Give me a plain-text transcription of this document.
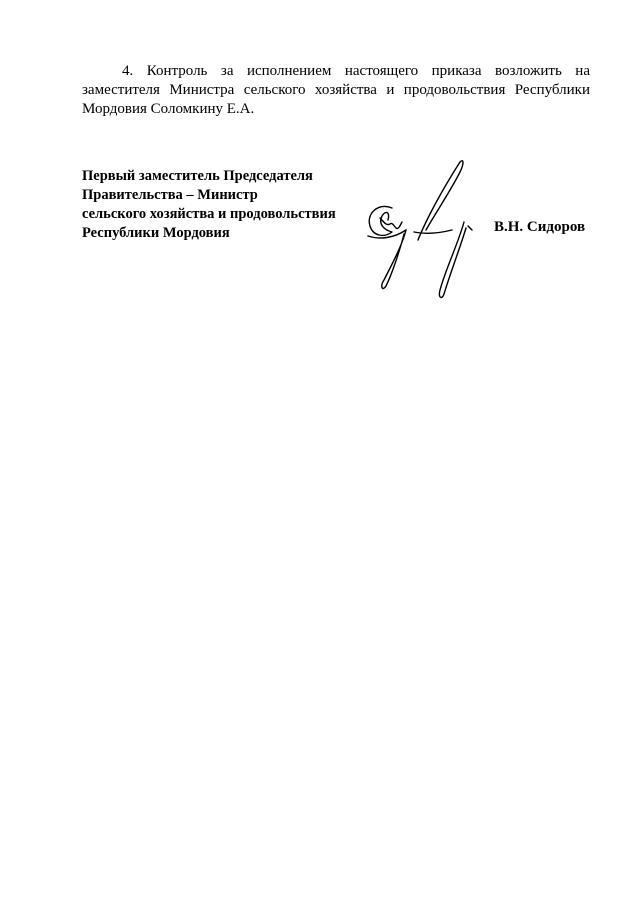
4. Контроль за исполнением настоящего приказа возложить на заместителя Министра сельского хозяйства и продовольствия Республики Мордовия Соломкину Е.А.

Первый заместитель Председателя
Правительства – Министр
сельского хозяйства и продовольствия
Республики Мордовия	В.Н. Сидоров
